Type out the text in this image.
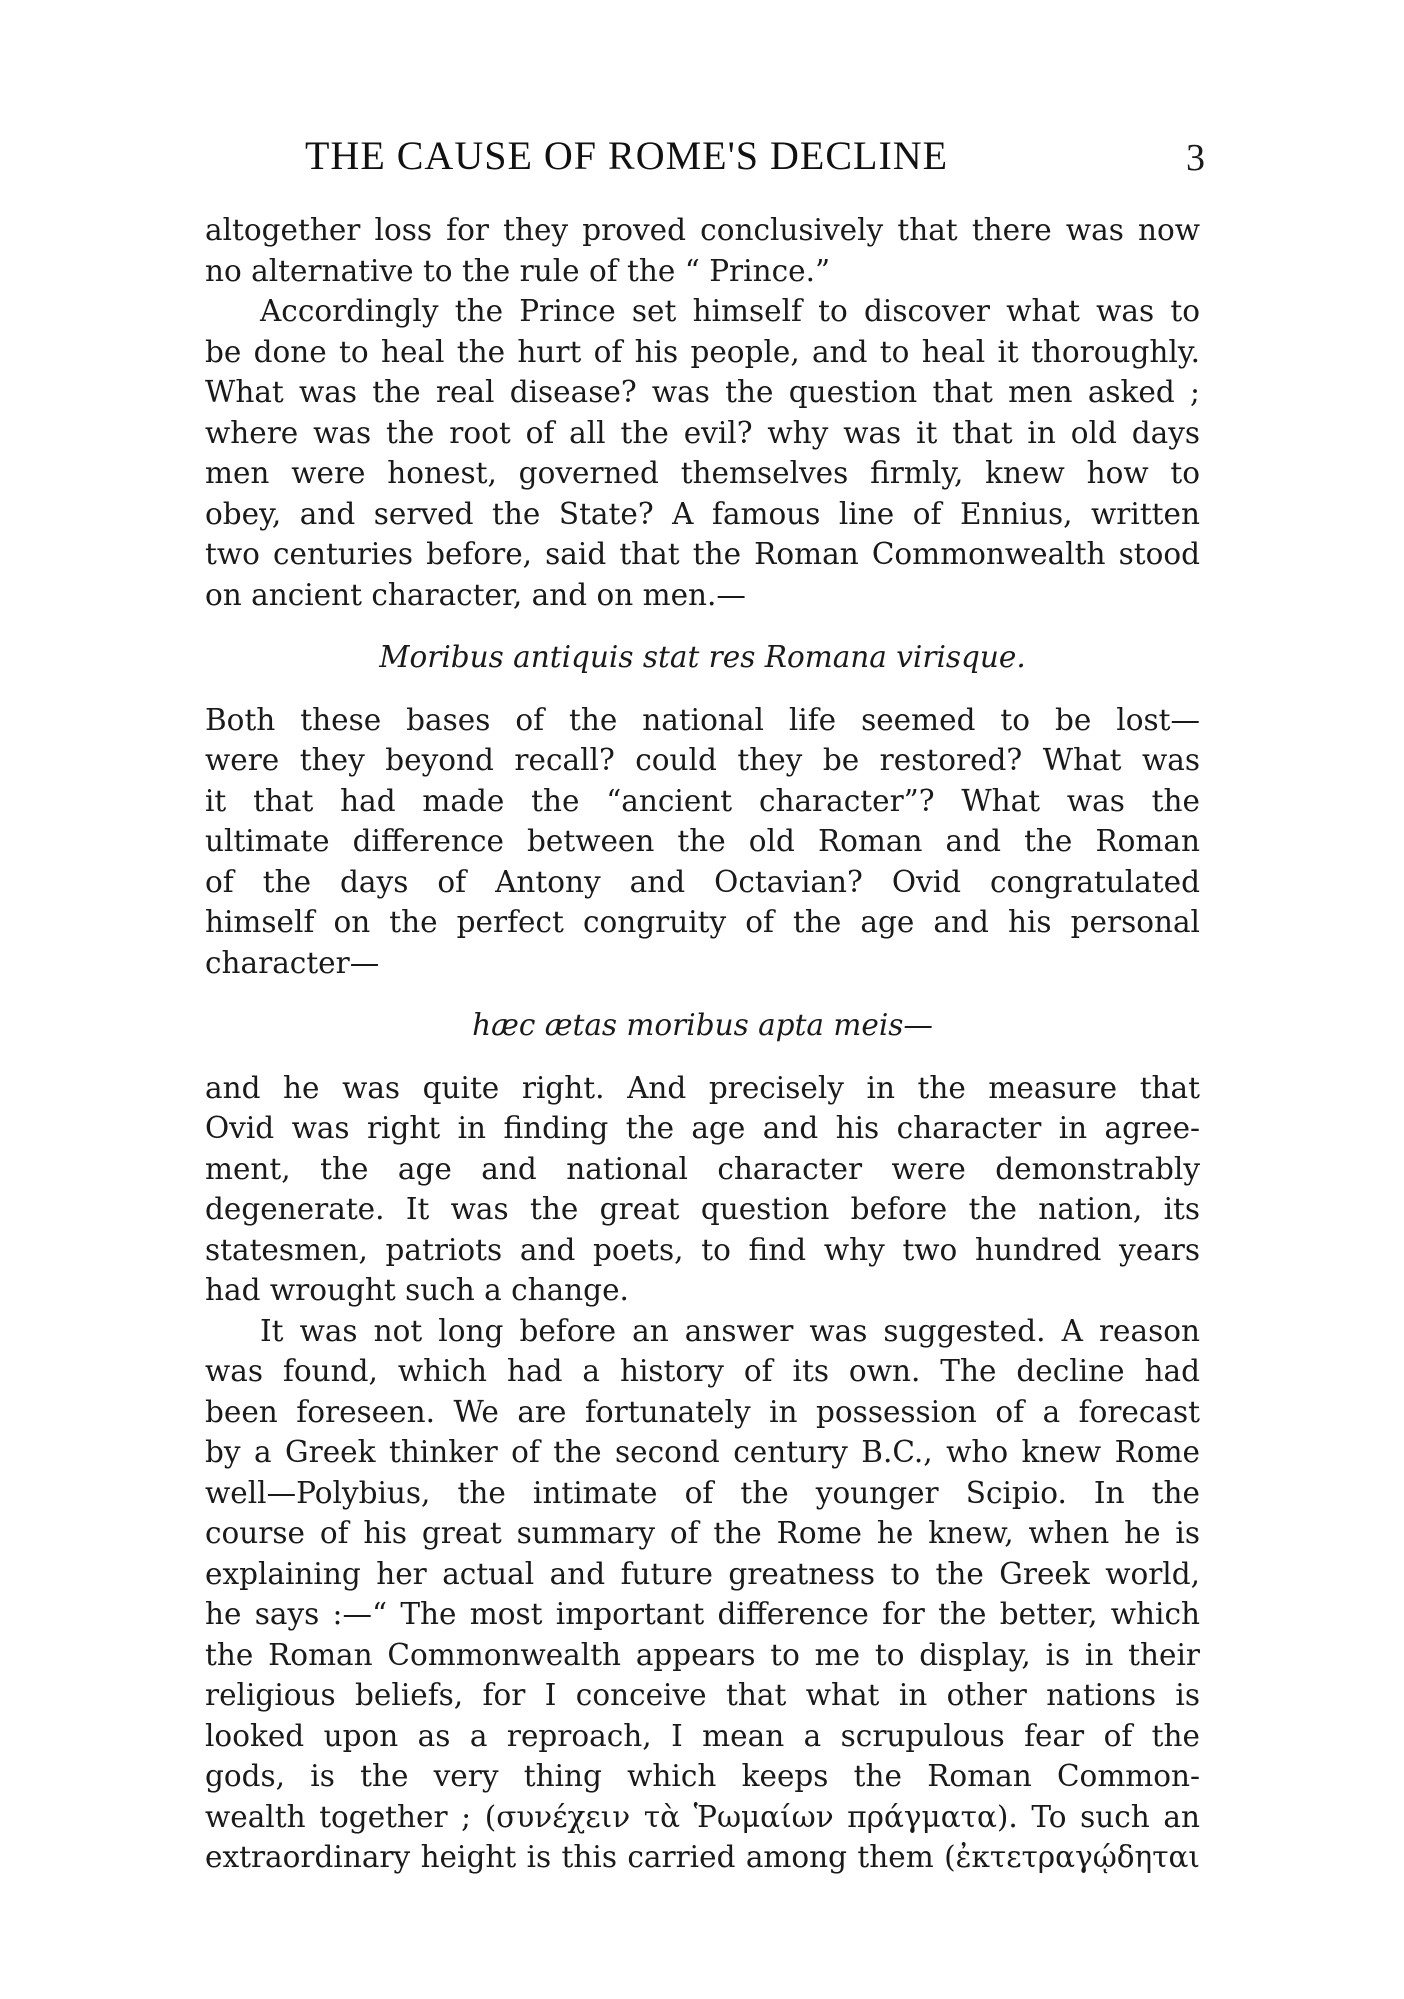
THE CAUSE OF ROME'S DECLINE	3
altogether loss for they proved conclusively that there was now
no alternative to the rule of the “ Prince.”
Accordingly the Prince set himself to discover what was to
be done to heal the hurt of his people, and to heal it thoroughly.
What was the real disease? was the question that men asked ;
where was the root of all the evil? why was it that in old days
men were honest, governed themselves firmly, knew how to
obey, and served the State? A famous line of Ennius, written
two centuries before, said that the Roman Commonwealth stood
on ancient character, and on men.—
Moribus antiquis stat res Romana virisque.
Both these bases of the national life seemed to be lost—
were they beyond recall? could they be restored? What was
it that had made the “ancient character”? What was the
ultimate difference between the old Roman and the Roman
of the days of Antony and Octavian? Ovid congratulated
himself on the perfect congruity of the age and his personal
character—
hæc ætas moribus apta meis—
and he was quite right. And precisely in the measure that
Ovid was right in finding the age and his character in agree-
ment, the age and national character were demonstrably
degenerate. It was the great question before the nation, its
statesmen, patriots and poets, to find why two hundred years
had wrought such a change.
It was not long before an answer was suggested. A reason
was found, which had a history of its own. The decline had
been foreseen. We are fortunately in possession of a forecast
by a Greek thinker of the second century B.C., who knew Rome
well—Polybius, the intimate of the younger Scipio. In the
course of his great summary of the Rome he knew, when he is
explaining her actual and future greatness to the Greek world,
he says :—“ The most important difference for the better, which
the Roman Commonwealth appears to me to display, is in their
religious beliefs, for I conceive that what in other nations is
looked upon as a reproach, I mean a scrupulous fear of the
gods, is the very thing which keeps the Roman Common-
wealth together ; (συνέχειν τὰ Ῥωμαίων πράγματα). To such an
extraordinary height is this carried among them (ἐκτετραγῴδηται
